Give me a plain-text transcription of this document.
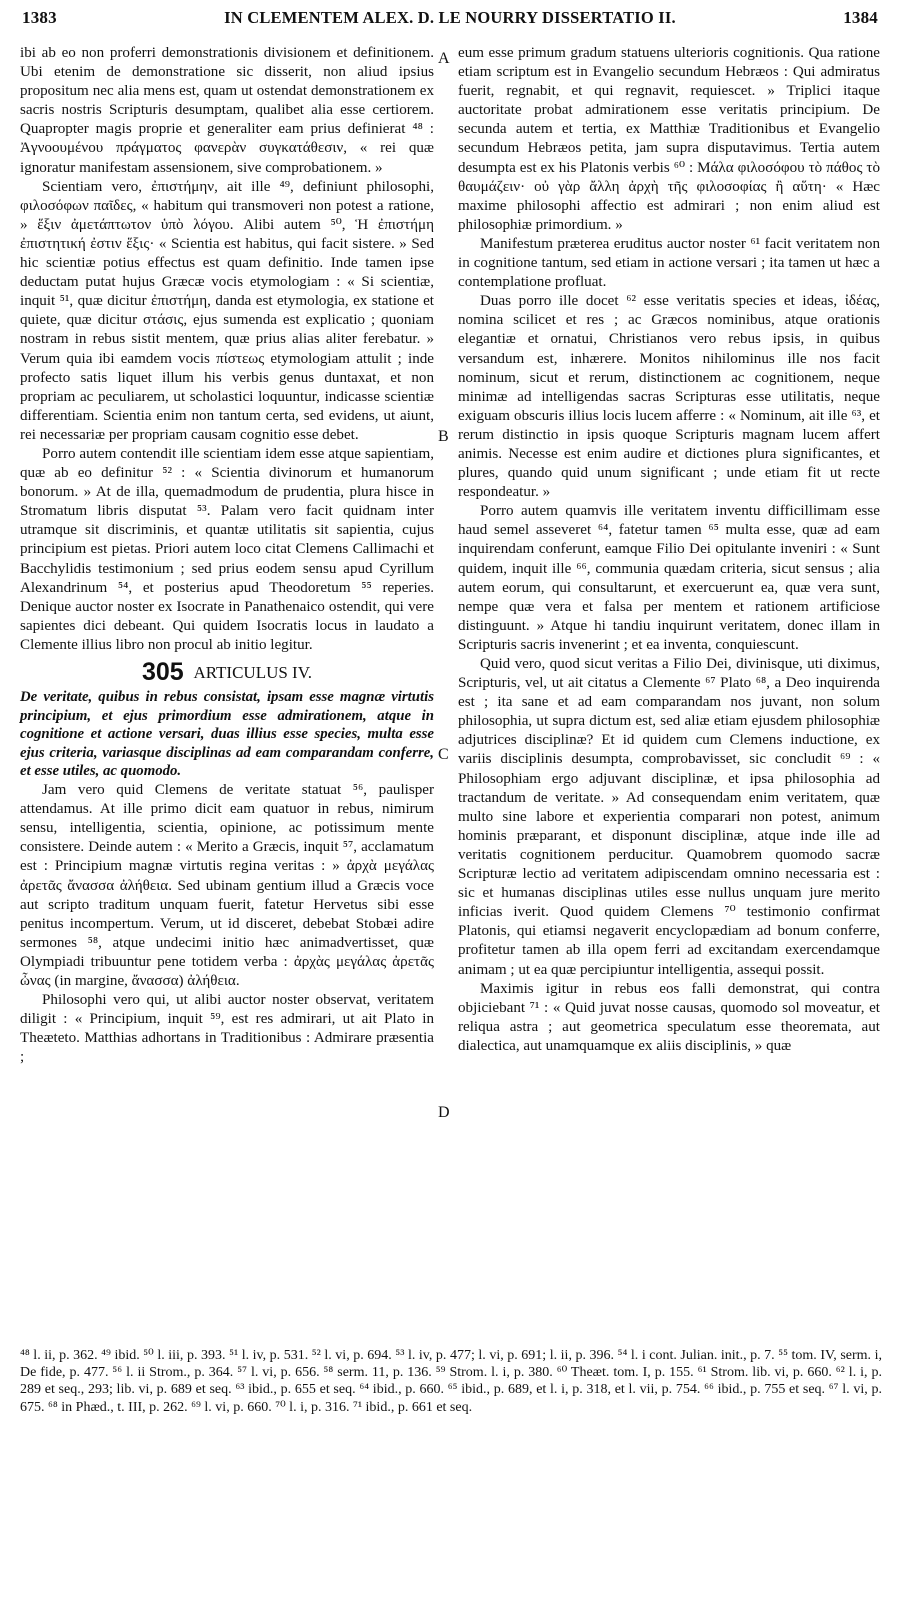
1383	IN CLEMENTEM ALEX. D. LE NOURRY DISSERTATIO II.	1384

ibi ab eo non proferri demonstrationis divisionem et definitionem. Ubi etenim de demonstratione sic disserit, non aliud ipsius propositum nec alia mens est, quam ut ostendat demonstrationem ex sacris nostris Scripturis desumptam, qualibet alia esse certiorem. Quapropter magis proprie et generaliter eam prius definierat ⁴⁸ : Ἀγνοουμένου πράγματος φανερὰν συγκατάθεσιν, « rei quæ ignoratur manifestam assensionem, sive comprobationem. »

Scientiam vero, ἐπιστήμην, ait ille ⁴⁹, definiunt philosophi, φιλοσόφων παῖδες, « habitum qui transmoveri non potest a ratione, » ἕξιν ἀμετάπτωτον ὑπὸ λόγου. Alibi autem ⁵⁰, Ἡ ἐπιστήμη ἐπιστητική ἐστιν ἕξις· « Scientia est habitus, qui facit sistere. » Sed hic scientiæ potius effectus est quam definitio. Inde tamen ipse deductam putat hujus Græcæ vocis etymologiam : « Si scientiæ, inquit ⁵¹, quæ dicitur ἐπιστήμη, danda est etymologia, ex statione et quiete, quæ dicitur στάσις, ejus sumenda est explicatio ; quoniam nostram in rebus sistit mentem, quæ prius alias aliter ferebatur. » Verum quia ibi eamdem vocis πίστεως etymologiam attulit ; inde profecto satis liquet illum his verbis genus duntaxat, et non propriam ac peculiarem, ut scholastici loquuntur, indicasse scientiæ differentiam. Scientia enim non tantum certa, sed evidens, ut aiunt, rei necessariæ per propriam causam cognitio esse debet.

Porro autem contendit ille scientiam idem esse atque sapientiam, quæ ab eo definitur ⁵² : « Scientia divinorum et humanorum bonorum. » At de illa, quemadmodum de prudentia, plura hisce in Stromatum libris disputat ⁵³. Palam vero facit quidnam inter utramque sit discriminis, et quantæ utilitatis sit sapientia, cujus principium est pietas. Priori autem loco citat Clemens Callimachi et Bacchylidis testimonium ; sed prius eodem sensu apud Cyrillum Alexandrinum ⁵⁴, et posterius apud Theodoretum ⁵⁵ reperies. Denique auctor noster ex Isocrate in Panathenaico ostendit, qui vere sapientes dici debeant. Qui quidem Isocratis locus in laudato a Clemente illius libro non procul ab initio legitur.

305 ARTICULUS IV.

De veritate, quibus in rebus consistat, ipsam esse magnæ virtutis principium, et ejus primordium esse admirationem, atque in cognitione et actione versari, duas illius esse species, multa esse ejus criteria, variasque disciplinas ad eam comparandam conferre, et esse utiles, ac quomodo.

Jam vero quid Clemens de veritate statuat ⁵⁶, paulisper attendamus. At ille primo dicit eam quatuor in rebus, nimirum sensu, intelligentia, scientia, opinione, ac potissimum mente consistere. Deinde autem : « Merito a Græcis, inquit ⁵⁷, acclamatum est : Principium magnæ virtutis regina veritas : » ἀρχὰ μεγάλας ἀρετᾶς ἄνασσα ἀλήθεια. Sed ubinam gentium illud a Græcis voce aut scripto traditum unquam fuerit, fatetur Hervetus sibi esse penitus incompertum. Verum, ut id disceret, debebat Stobæi adire sermones ⁵⁸, atque undecimi initio hæc animadvertisset, quæ Olympiadi tribuuntur pene totidem verba : ἀρχὰς μεγάλας ἀρετᾶς ὦνας (in margine, ἄνασσα) ἀλήθεια.

Philosophi vero qui, ut alibi auctor noster observat, veritatem diligit : « Principium, inquit ⁵⁹, est res admirari, ut ait Plato in Theæteto. Matthias adhortans in Traditionibus : Admirare præsentia ;

A
B
C
D

eum esse primum gradum statuens ulterioris cognitionis. Qua ratione etiam scriptum est in Evangelio secundum Hebræos : Qui admiratus fuerit, regnabit, et qui regnavit, requiescet. » Triplici itaque auctoritate probat admirationem esse veritatis principium. De secunda autem et tertia, ex Matthiæ Traditionibus et Evangelio secundum Hebræos petita, jam supra disputavimus. Tertia autem desumpta est ex his Platonis verbis ⁶⁰ : Μάλα φιλοσόφου τὸ πάθος τὸ θαυμάζειν· οὐ γὰρ ἄλλη ἀρχὴ τῆς φιλοσοφίας ἢ αὕτη· « Hæc maxime philosophi affectio est admirari ; non enim aliud est philosophiæ primordium. »

Manifestum præterea eruditus auctor noster ⁶¹ facit veritatem non in cognitione tantum, sed etiam in actione versari ; ita tamen ut hæc a contemplatione profluat.

Duas porro ille docet ⁶² esse veritatis species et ideas, ἰδέας, nomina scilicet et res ; ac Græcos nominibus, atque orationis elegantiæ et ornatui, Christianos vero rebus ipsis, in quibus versandum est, inhærere. Monitos nihilominus ille nos facit nominum, sicut et rerum, distinctionem ac cognitionem, neque minimæ ad intelligendas sacras Scripturas esse utilitatis, neque exiguam obscuris illius locis lucem afferre : « Nominum, ait ille ⁶³, et rerum distinctio in ipsis quoque Scripturis magnam lucem affert animis. Necesse est enim audire et dictiones plura significantes, et plures, quando quid unum significant ; unde etiam fit ut recte respondeatur. »

Porro autem quamvis ille veritatem inventu difficillimam esse haud semel asseveret ⁶⁴, fatetur tamen ⁶⁵ multa esse, quæ ad eam inquirendam conferunt, eamque Filio Dei opitulante inveniri : « Sunt quidem, inquit ille ⁶⁶, communia quædam criteria, sicut sensus ; alia autem eorum, qui consultarunt, et exercuerunt ea, quæ vera sunt, nempe quæ vera et falsa per mentem et rationem artificiose distinguunt. » Atque hi tandiu inquirunt veritatem, donec illam in Scripturis sacris invenerint ; et ea inventa, conquiescunt.

Quid vero, quod sicut veritas a Filio Dei, divinisque, uti diximus, Scripturis, vel, ut ait citatus a Clemente ⁶⁷ Plato ⁶⁸, a Deo inquirenda est ; ita sane et ad eam comparandam nos juvant, non solum philosophia, ut supra dictum est, sed aliæ etiam ejusdem philosophiæ adjutrices disciplinæ? Et id quidem cum Clemens inductione, ex variis disciplinis desumpta, comprobavisset, sic concludit ⁶⁹ : « Philosophiam ergo adjuvant disciplinæ, et ipsa philosophia ad tractandum de veritate. » Ad consequendam enim veritatem, quæ multo sine labore et experientia comparari non potest, animum hominis præparant, et disponunt disciplinæ, atque inde ille ad veritatis cognitionem perducitur. Quamobrem quomodo sacræ Scripturæ lectio ad veritatem adipiscendam omnino necessaria est : sic et humanas disciplinas utiles esse nullus unquam jure merito inficias iverit. Quod quidem Clemens ⁷⁰ testimonio confirmat Platonis, qui etiamsi negaverit encyclopædiam ad bonum conferre, profitetur tamen ab illa opem ferri ad excitandam exercendamque animam ; ut ea quæ percipiuntur intelligentia, assequi possit.

Maximis igitur in rebus eos falli demonstrat, qui contra objiciebant ⁷¹ : « Quid juvat nosse causas, quomodo sol moveatur, et reliqua astra ; aut geometrica speculatum esse theoremata, aut dialectica, aut unamquamque ex aliis disciplinis, » quæ

⁴⁸ l. ii, p. 362. ⁴⁹ ibid. ⁵⁰ l. iii, p. 393. ⁵¹ l. iv, p. 531. ⁵² l. vi, p. 694. ⁵³ l. iv, p. 477; l. vi, p. 691; l. ii, p. 396. ⁵⁴ l. i cont. Julian. init., p. 7. ⁵⁵ tom. IV, serm. i, De fide, p. 477. ⁵⁶ l. ii Strom., p. 364. ⁵⁷ l. vi, p. 656. ⁵⁸ serm. 11, p. 136. ⁵⁹ Strom. l. i, p. 380. ⁶⁰ Theæt. tom. I, p. 155. ⁶¹ Strom. lib. vi, p. 660. ⁶² l. i, p. 289 et seq., 293; lib. vi, p. 689 et seq. ⁶³ ibid., p. 655 et seq. ⁶⁴ ibid., p. 660. ⁶⁵ ibid., p. 689, et l. i, p. 318, et l. vii, p. 754. ⁶⁶ ibid., p. 755 et seq. ⁶⁷ l. vi, p. 675. ⁶⁸ in Phæd., t. III, p. 262. ⁶⁹ l. vi, p. 660. ⁷⁰ l. i, p. 316. ⁷¹ ibid., p. 661 et seq.
